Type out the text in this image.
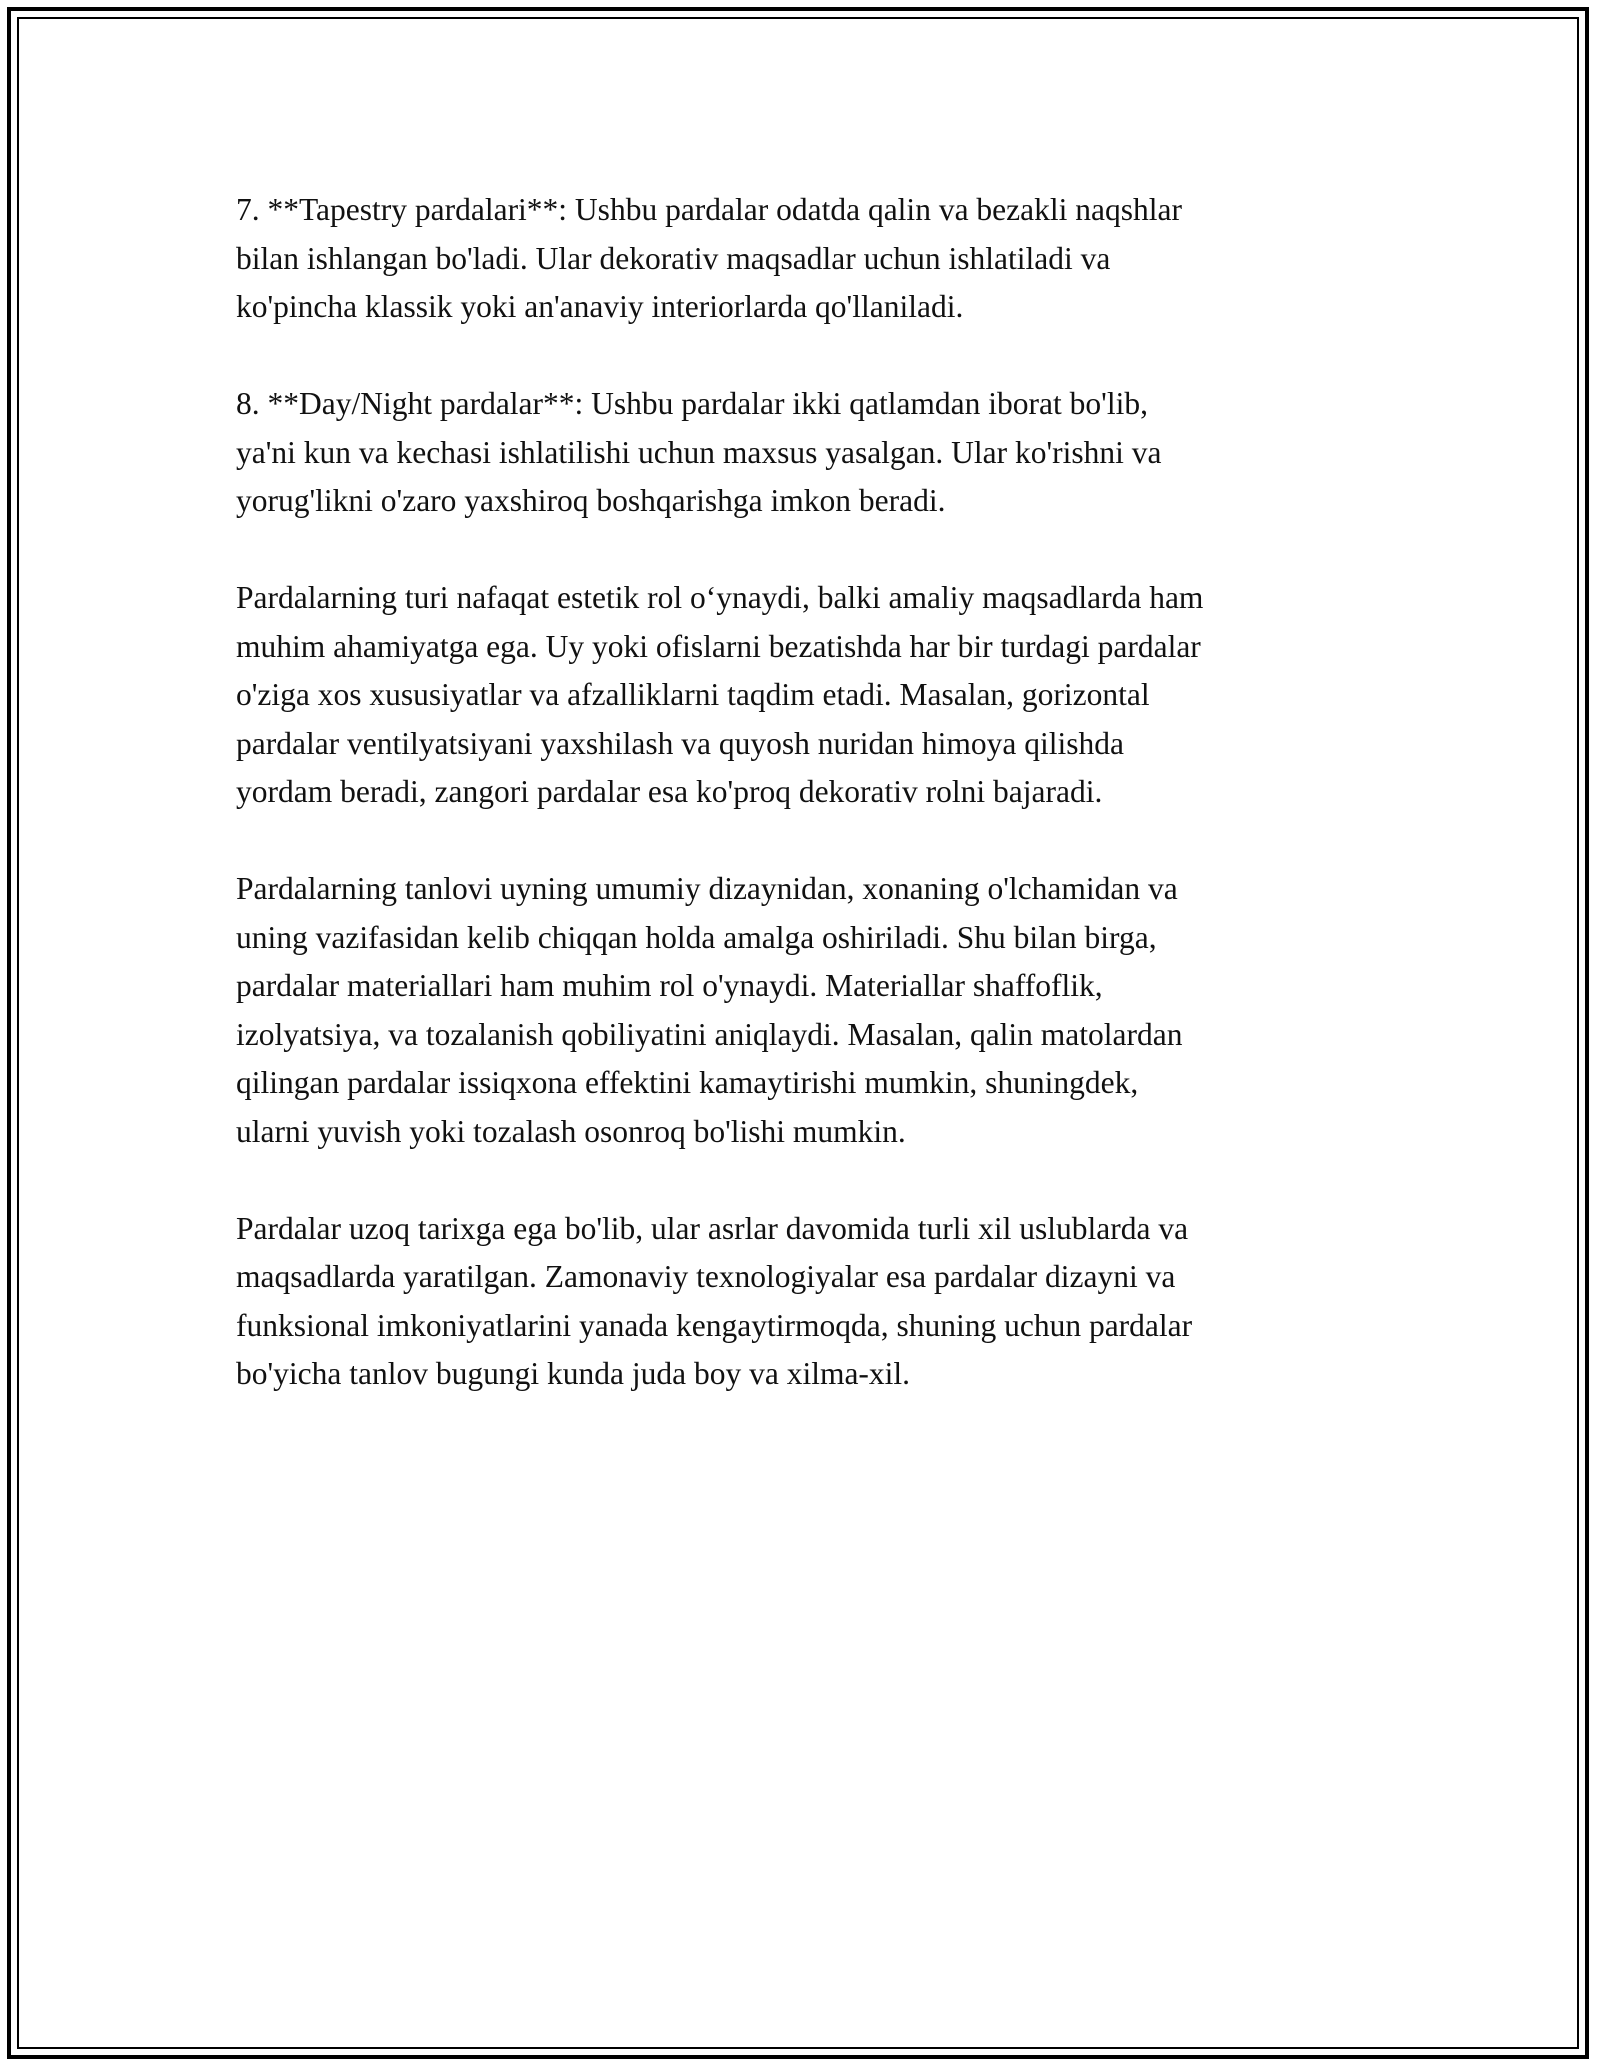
7. **Tapestry pardalari**: Ushbu pardalar odatda qalin va bezakli naqshlar
bilan ishlangan bo'ladi. Ular dekorativ maqsadlar uchun ishlatiladi va
ko'pincha klassik yoki an'anaviy interiorlarda qo'llaniladi.

8. **Day/Night pardalar**: Ushbu pardalar ikki qatlamdan iborat bo'lib,
ya'ni kun va kechasi ishlatilishi uchun maxsus yasalgan. Ular ko'rishni va
yorug'likni o'zaro yaxshiroq boshqarishga imkon beradi.

Pardalarning turi nafaqat estetik rol o‘ynaydi, balki amaliy maqsadlarda ham
muhim ahamiyatga ega. Uy yoki ofislarni bezatishda har bir turdagi pardalar
o'ziga xos xususiyatlar va afzalliklarni taqdim etadi. Masalan, gorizontal
pardalar ventilyatsiyani yaxshilash va quyosh nuridan himoya qilishda
yordam beradi, zangori pardalar esa ko'proq dekorativ rolni bajaradi.

Pardalarning tanlovi uyning umumiy dizaynidan, xonaning o'lchamidan va
uning vazifasidan kelib chiqqan holda amalga oshiriladi. Shu bilan birga,
pardalar materiallari ham muhim rol o'ynaydi. Materiallar shaffoflik,
izolyatsiya, va tozalanish qobiliyatini aniqlaydi. Masalan, qalin matolardan
qilingan pardalar issiqxona effektini kamaytirishi mumkin, shuningdek,
ularni yuvish yoki tozalash osonroq bo'lishi mumkin.

Pardalar uzoq tarixga ega bo'lib, ular asrlar davomida turli xil uslublarda va
maqsadlarda yaratilgan. Zamonaviy texnologiyalar esa pardalar dizayni va
funksional imkoniyatlarini yanada kengaytirmoqda, shuning uchun pardalar
bo'yicha tanlov bugungi kunda juda boy va xilma-xil.
